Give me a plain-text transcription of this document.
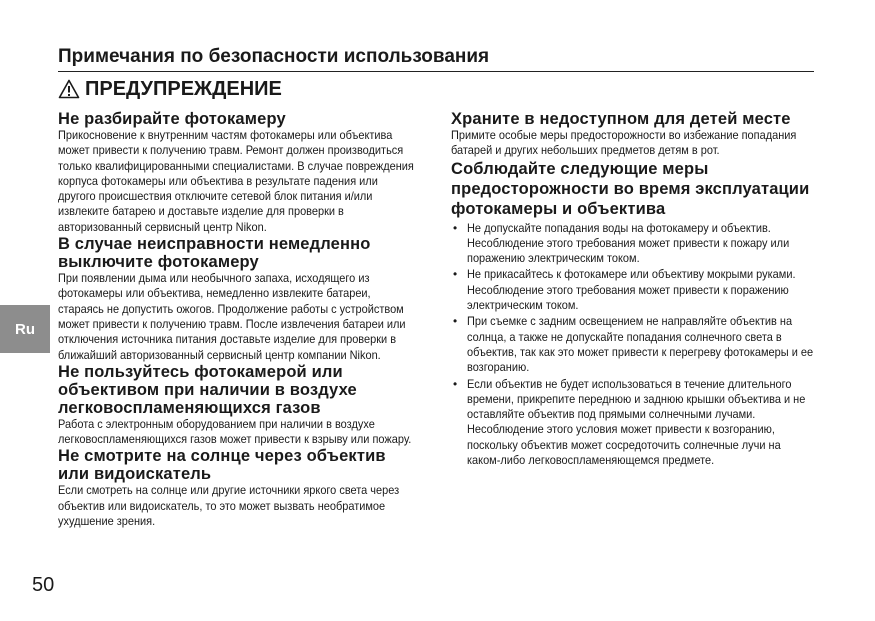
Примечания по безопасности использования
ПРЕДУПРЕЖДЕНИЕ
Не разбирайте фотокамеру

Прикосновение к внутренним частям фотокамеры или объектива может привести к получению травм. Ремонт должен производиться только квалифицированными специалистами. В случае повреждения корпуса фотокамеры или объектива в результате падения или другого происшествия отключите сетевой блок питания и/или извлеките батарею и доставьте изделие для проверки в авторизованный сервисный центр Nikon.

В случае неисправности немедленно выключите фотокамеру

При появлении дыма или необычного запаха, исходящего из фотокамеры или объектива, немедленно извлеките батареи, стараясь не допустить ожогов. Продолжение работы с устройством может привести к получению травм. После извлечения батареи или отключения источника питания доставьте изделие для проверки в ближайший авторизованный сервисный центр компании Nikon.

Не пользуйтесь фотокамерой или объективом при наличии в воздухе легковоспламеняющихся газов

Работа с электронным оборудованием при наличии в воздухе легковоспламеняющихся газов может привести к взрыву или пожару.

Не смотрите на солнце через объектив или видоискатель

Если смотреть на солнце или другие источники яркого света через объектив или видоискатель, то это может вызвать необратимое ухудшение зрения.

Храните в недоступном для детей месте

Примите особые меры предосторожности во избежание попадания батарей и других небольших предметов детям в рот.

Соблюдайте следующие меры предосторожности во время эксплуатации фотокамеры и объектива
• Не допускайте попадания воды на фотокамеру и объектив. Несоблюдение этого требования может привести к пожару или поражению электрическим током.
• Не прикасайтесь к фотокамере или объективу мокрыми руками. Несоблюдение этого требования может привести к поражению электрическим током.
• При съемке с задним освещением не направляйте объектив на солнца, а также не допускайте попадания солнечного света в объектив, так как это может привести к перегреву фотокамеры и ее возгоранию.
• Если объектив не будет использоваться в течение длительного времени, прикрепите переднюю и заднюю крышки объектива и не оставляйте объектив под прямыми солнечными лучами. Несоблюдение этого условия может привести к возгоранию, поскольку объектив может сосредоточить солнечные лучи на каком-либо легковоспламеняющемся предмете.
Ru
50
